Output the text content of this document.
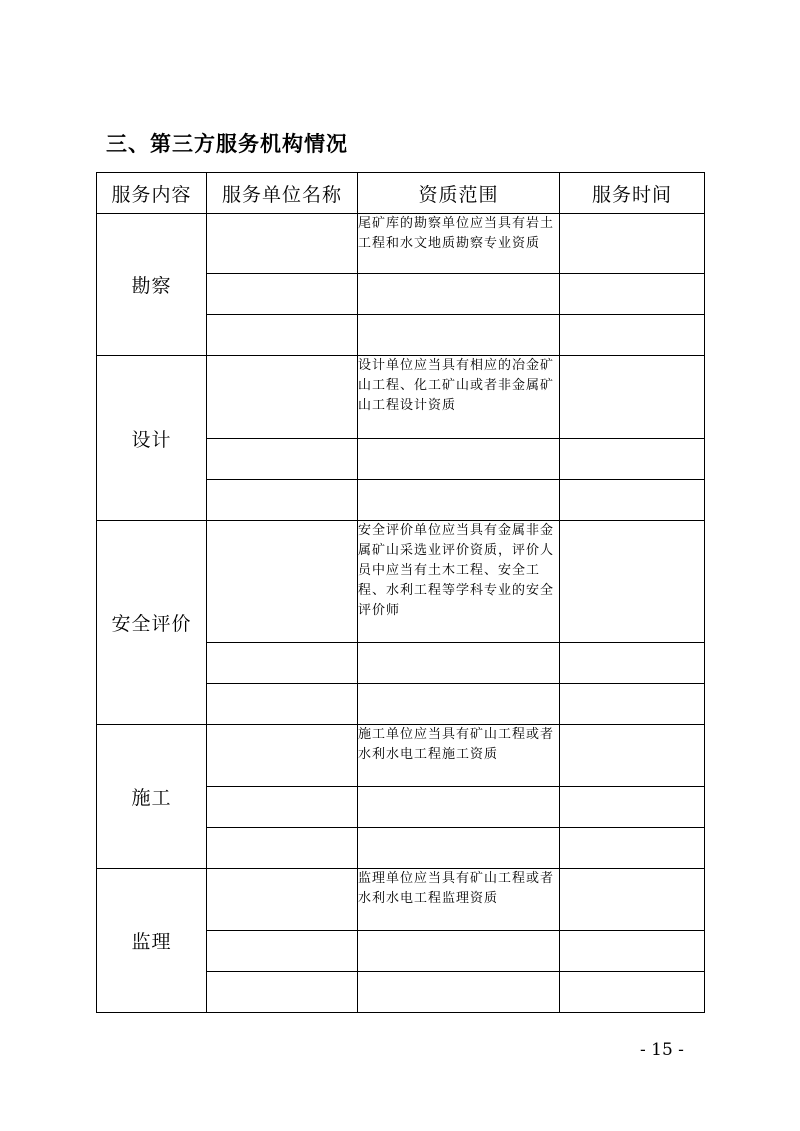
三、第三方服务机构情况
服务内容	服务单位名称	资质范围	服务时间
勘察		尾矿库的勘察单位应当具有岩土工程和水文地质勘察专业资质	

设计		设计单位应当具有相应的冶金矿山工程、化工矿山或者非金属矿山工程设计资质	

安全评价		安全评价单位应当具有金属非金属矿山采选业评价资质，评价人员中应当有土木工程、安全工程、水利工程等学科专业的安全评价师	

施工		施工单位应当具有矿山工程或者水利水电工程施工资质	

监理		监理单位应当具有矿山工程或者水利水电工程监理资质	

- 15 -
